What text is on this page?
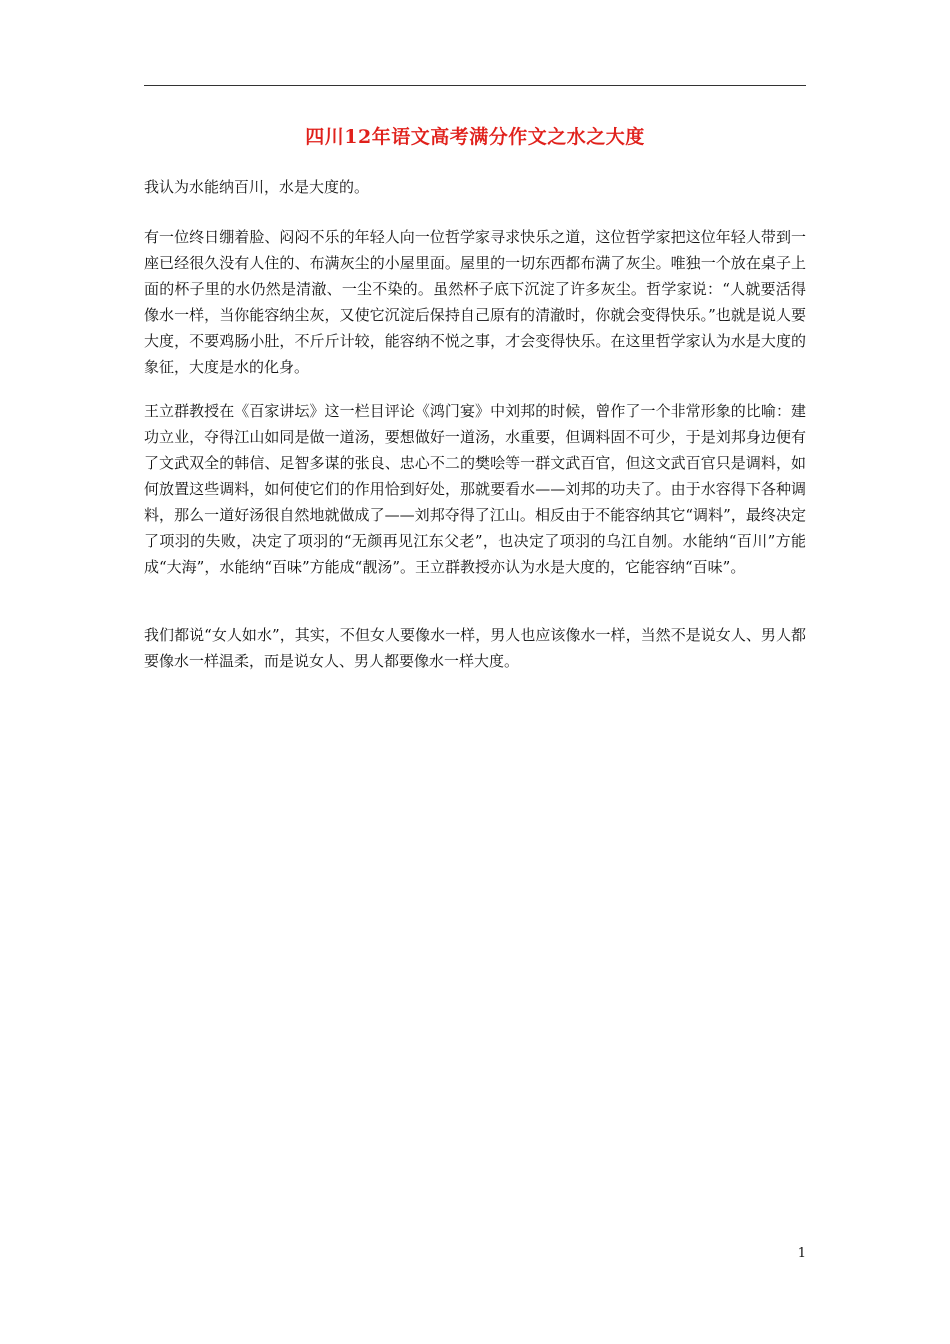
四川12年语文高考满分作文之水之大度

我认为水能纳百川，水是大度的。

有一位终日绷着脸、闷闷不乐的年轻人向一位哲学家寻求快乐之道，这位哲学家把这位年轻人带到一座已经很久没有人住的、布满灰尘的小屋里面。屋里的一切东西都布满了灰尘。唯独一个放在桌子上面的杯子里的水仍然是清澈、一尘不染的。虽然杯子底下沉淀了许多灰尘。哲学家说：“人就要活得像水一样，当你能容纳尘灰，又使它沉淀后保持自己原有的清澈时，你就会变得快乐。”也就是说人要大度，不要鸡肠小肚，不斤斤计较，能容纳不悦之事，才会变得快乐。在这里哲学家认为水是大度的象征，大度是水的化身。

王立群教授在《百家讲坛》这一栏目评论《鸿门宴》中刘邦的时候，曾作了一个非常形象的比喻：建功立业，夺得江山如同是做一道汤，要想做好一道汤，水重要，但调料固不可少，于是刘邦身边便有了文武双全的韩信、足智多谋的张良、忠心不二的樊哙等一群文武百官，但这文武百官只是调料，如何放置这些调料，如何使它们的作用恰到好处，那就要看水——刘邦的功夫了。由于水容得下各种调料，那么一道好汤很自然地就做成了——刘邦夺得了江山。相反由于不能容纳其它“调料”，最终决定了项羽的失败，决定了项羽的“无颜再见江东父老”，也决定了项羽的乌江自刎。水能纳“百川”方能成“大海”，水能纳“百味”方能成“靓汤”。王立群教授亦认为水是大度的，它能容纳“百味”。

我们都说“女人如水”，其实，不但女人要像水一样，男人也应该像水一样，当然不是说女人、男人都要像水一样温柔，而是说女人、男人都要像水一样大度。

1
